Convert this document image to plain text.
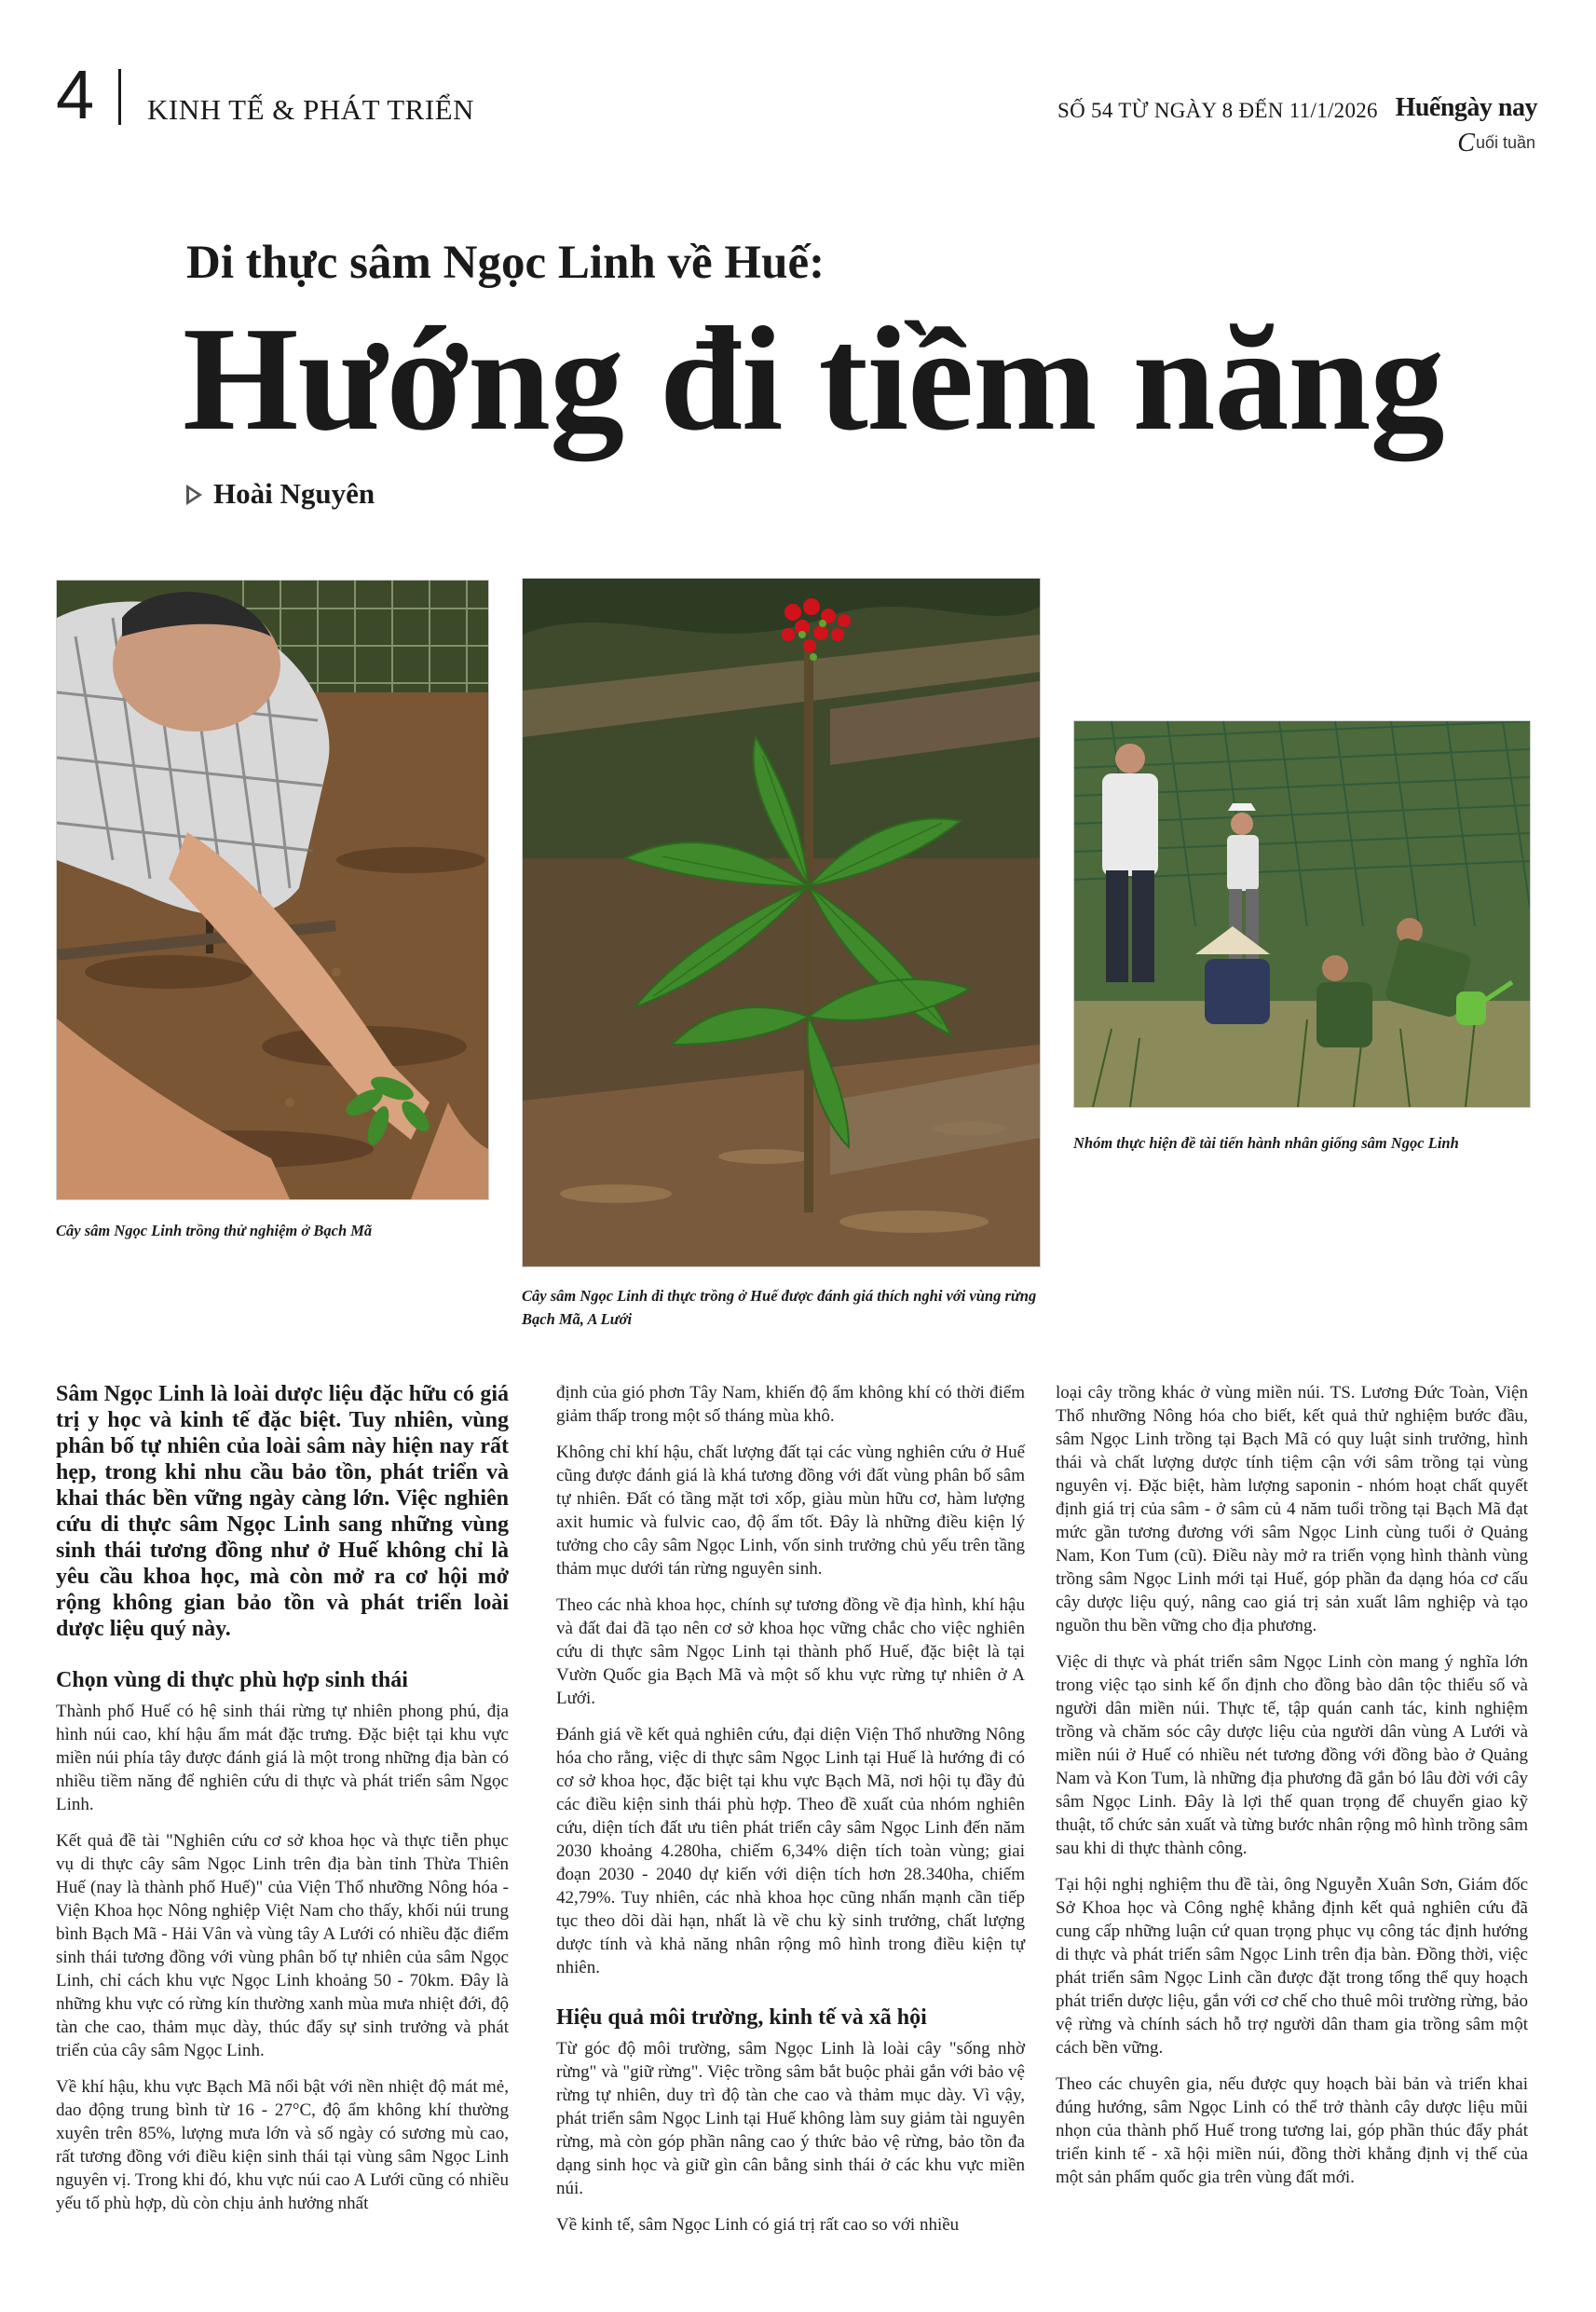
4 KINH TẾ & PHÁT TRIỂN	SỐ 54 TỪ NGÀY 8 ĐẾN 11/1/2026 Huếngày nay
Cuối tuần
Di thực sâm Ngọc Linh về Huế:
Hướng đi tiềm năng
Hoài Nguyên
Cây sâm Ngọc Linh trồng thử nghiệm ở Bạch Mã
Cây sâm Ngọc Linh di thực trồng ở Huế được đánh giá thích nghi với vùng rừng Bạch Mã, A Lưới
Nhóm thực hiện đề tài tiến hành nhân giống sâm Ngọc Linh

Sâm Ngọc Linh là loài dược liệu đặc hữu có giá trị y học và kinh tế đặc biệt. Tuy nhiên, vùng phân bố tự nhiên của loài sâm này hiện nay rất hẹp, trong khi nhu cầu bảo tồn, phát triển và khai thác bền vững ngày càng lớn. Việc nghiên cứu di thực sâm Ngọc Linh sang những vùng sinh thái tương đồng như ở Huế không chỉ là yêu cầu khoa học, mà còn mở ra cơ hội mở rộng không gian bảo tồn và phát triển loài dược liệu quý này.

Chọn vùng di thực phù hợp sinh thái

Thành phố Huế có hệ sinh thái rừng tự nhiên phong phú, địa hình núi cao, khí hậu ẩm mát đặc trưng. Đặc biệt tại khu vực miền núi phía tây được đánh giá là một trong những địa bàn có nhiều tiềm năng để nghiên cứu di thực và phát triển sâm Ngọc Linh.

Kết quả đề tài "Nghiên cứu cơ sở khoa học và thực tiễn phục vụ di thực cây sâm Ngọc Linh trên địa bàn tỉnh Thừa Thiên Huế (nay là thành phố Huế)" của Viện Thổ nhưỡng Nông hóa - Viện Khoa học Nông nghiệp Việt Nam cho thấy, khối núi trung bình Bạch Mã - Hải Vân và vùng tây A Lưới có nhiều đặc điểm sinh thái tương đồng với vùng phân bố tự nhiên của sâm Ngọc Linh, chỉ cách khu vực Ngọc Linh khoảng 50 - 70km. Đây là những khu vực có rừng kín thường xanh mùa mưa nhiệt đới, độ tàn che cao, thảm mục dày, thúc đẩy sự sinh trưởng và phát triển của cây sâm Ngọc Linh.

Về khí hậu, khu vực Bạch Mã nổi bật với nền nhiệt độ mát mẻ, dao động trung bình từ 16 - 27°C, độ ẩm không khí thường xuyên trên 85%, lượng mưa lớn và số ngày có sương mù cao, rất tương đồng với điều kiện sinh thái tại vùng sâm Ngọc Linh nguyên vị. Trong khi đó, khu vực núi cao A Lưới cũng có nhiều yếu tố phù hợp, dù còn chịu ảnh hưởng nhất

định của gió phơn Tây Nam, khiến độ ẩm không khí có thời điểm giảm thấp trong một số tháng mùa khô.

Không chỉ khí hậu, chất lượng đất tại các vùng nghiên cứu ở Huế cũng được đánh giá là khá tương đồng với đất vùng phân bố sâm tự nhiên. Đất có tầng mặt tơi xốp, giàu mùn hữu cơ, hàm lượng axit humic và fulvic cao, độ ẩm tốt. Đây là những điều kiện lý tưởng cho cây sâm Ngọc Linh, vốn sinh trưởng chủ yếu trên tầng thảm mục dưới tán rừng nguyên sinh.

Theo các nhà khoa học, chính sự tương đồng về địa hình, khí hậu và đất đai đã tạo nên cơ sở khoa học vững chắc cho việc nghiên cứu di thực sâm Ngọc Linh tại thành phố Huế, đặc biệt là tại Vườn Quốc gia Bạch Mã và một số khu vực rừng tự nhiên ở A Lưới.

Đánh giá về kết quả nghiên cứu, đại diện Viện Thổ nhưỡng Nông hóa cho rằng, việc di thực sâm Ngọc Linh tại Huế là hướng đi có cơ sở khoa học, đặc biệt tại khu vực Bạch Mã, nơi hội tụ đầy đủ các điều kiện sinh thái phù hợp. Theo đề xuất của nhóm nghiên cứu, diện tích đất ưu tiên phát triển cây sâm Ngọc Linh đến năm 2030 khoảng 4.280ha, chiếm 6,34% diện tích toàn vùng; giai đoạn 2030 - 2040 dự kiến với diện tích hơn 28.340ha, chiếm 42,79%. Tuy nhiên, các nhà khoa học cũng nhấn mạnh cần tiếp tục theo dõi dài hạn, nhất là về chu kỳ sinh trưởng, chất lượng dược tính và khả năng nhân rộng mô hình trong điều kiện tự nhiên.

Hiệu quả môi trường, kinh tế và xã hội

Từ góc độ môi trường, sâm Ngọc Linh là loài cây "sống nhờ rừng" và "giữ rừng". Việc trồng sâm bắt buộc phải gắn với bảo vệ rừng tự nhiên, duy trì độ tàn che cao và thảm mục dày. Vì vậy, phát triển sâm Ngọc Linh tại Huế không làm suy giảm tài nguyên rừng, mà còn góp phần nâng cao ý thức bảo vệ rừng, bảo tồn đa dạng sinh học và giữ gìn cân bằng sinh thái ở các khu vực miền núi.

Về kinh tế, sâm Ngọc Linh có giá trị rất cao so với nhiều

loại cây trồng khác ở vùng miền núi. TS. Lương Đức Toàn, Viện Thổ nhưỡng Nông hóa cho biết, kết quả thử nghiệm bước đầu, sâm Ngọc Linh trồng tại Bạch Mã có quy luật sinh trưởng, hình thái và chất lượng dược tính tiệm cận với sâm trồng tại vùng nguyên vị. Đặc biệt, hàm lượng saponin - nhóm hoạt chất quyết định giá trị của sâm - ở sâm củ 4 năm tuổi trồng tại Bạch Mã đạt mức gần tương đương với sâm Ngọc Linh cùng tuổi ở Quảng Nam, Kon Tum (cũ). Điều này mở ra triển vọng hình thành vùng trồng sâm Ngọc Linh mới tại Huế, góp phần đa dạng hóa cơ cấu cây dược liệu quý, nâng cao giá trị sản xuất lâm nghiệp và tạo nguồn thu bền vững cho địa phương.

Việc di thực và phát triển sâm Ngọc Linh còn mang ý nghĩa lớn trong việc tạo sinh kế ổn định cho đồng bào dân tộc thiểu số và người dân miền núi. Thực tế, tập quán canh tác, kinh nghiệm trồng và chăm sóc cây dược liệu của người dân vùng A Lưới và miền núi ở Huế có nhiều nét tương đồng với đồng bào ở Quảng Nam và Kon Tum, là những địa phương đã gắn bó lâu đời với cây sâm Ngọc Linh. Đây là lợi thế quan trọng để chuyển giao kỹ thuật, tổ chức sản xuất và từng bước nhân rộng mô hình trồng sâm sau khi di thực thành công.

Tại hội nghị nghiệm thu đề tài, ông Nguyễn Xuân Sơn, Giám đốc Sở Khoa học và Công nghệ khẳng định kết quả nghiên cứu đã cung cấp những luận cứ quan trọng phục vụ công tác định hướng di thực và phát triển sâm Ngọc Linh trên địa bàn. Đồng thời, việc phát triển sâm Ngọc Linh cần được đặt trong tổng thể quy hoạch phát triển dược liệu, gắn với cơ chế cho thuê môi trường rừng, bảo vệ rừng và chính sách hỗ trợ người dân tham gia trồng sâm một cách bền vững.

Theo các chuyên gia, nếu được quy hoạch bài bản và triển khai đúng hướng, sâm Ngọc Linh có thể trở thành cây dược liệu mũi nhọn của thành phố Huế trong tương lai, góp phần thúc đẩy phát triển kinh tế - xã hội miền núi, đồng thời khẳng định vị thế của một sản phẩm quốc gia trên vùng đất mới.
